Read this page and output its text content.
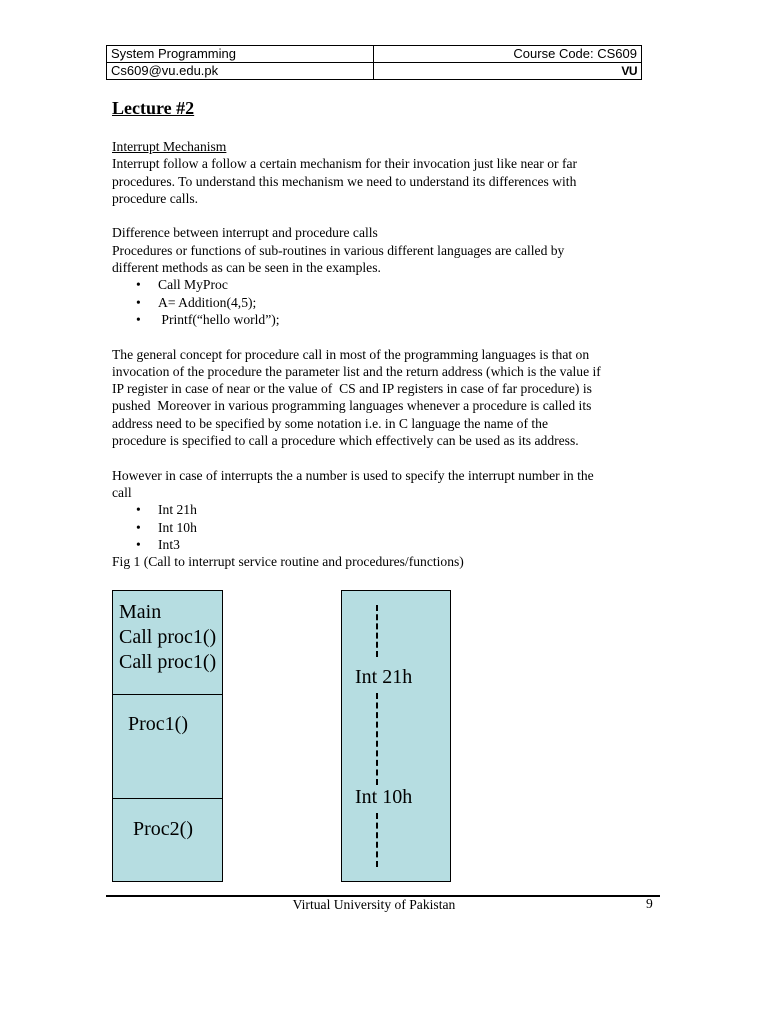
System Programming	Course Code: CS609
Cs609@vu.edu.pk	VU
Lecture #2

Interrupt Mechanism

Interrupt follow a follow a certain mechanism for their invocation just like near or far

procedures. To understand this mechanism we need to understand its differences with

procedure calls.

Difference between interrupt and procedure calls

Procedures or functions of sub-routines in various different languages are called by

different methods as can be seen in the examples.

• Call MyProc
• A= Addition(4,5);
• Printf(“hello world”);

The general concept for procedure call in most of the programming languages is that on

invocation of the procedure the parameter list and the return address (which is the value if

IP register in case of near or the value of  CS and IP registers in case of far procedure) is

pushed  Moreover in various programming languages whenever a procedure is called its

address need to be specified by some notation i.e. in C language the name of the

procedure is specified to call a procedure which effectively can be used as its address.

However in case of interrupts the a number is used to specify the interrupt number in the

call

• Int 21h
• Int 10h
• Int3

Fig 1 (Call to interrupt service routine and procedures/functions)

Main
Call proc1()
Call proc1()
Proc1()
Proc2()
Int 21h
Int 10h
Virtual University of Pakistan	9
